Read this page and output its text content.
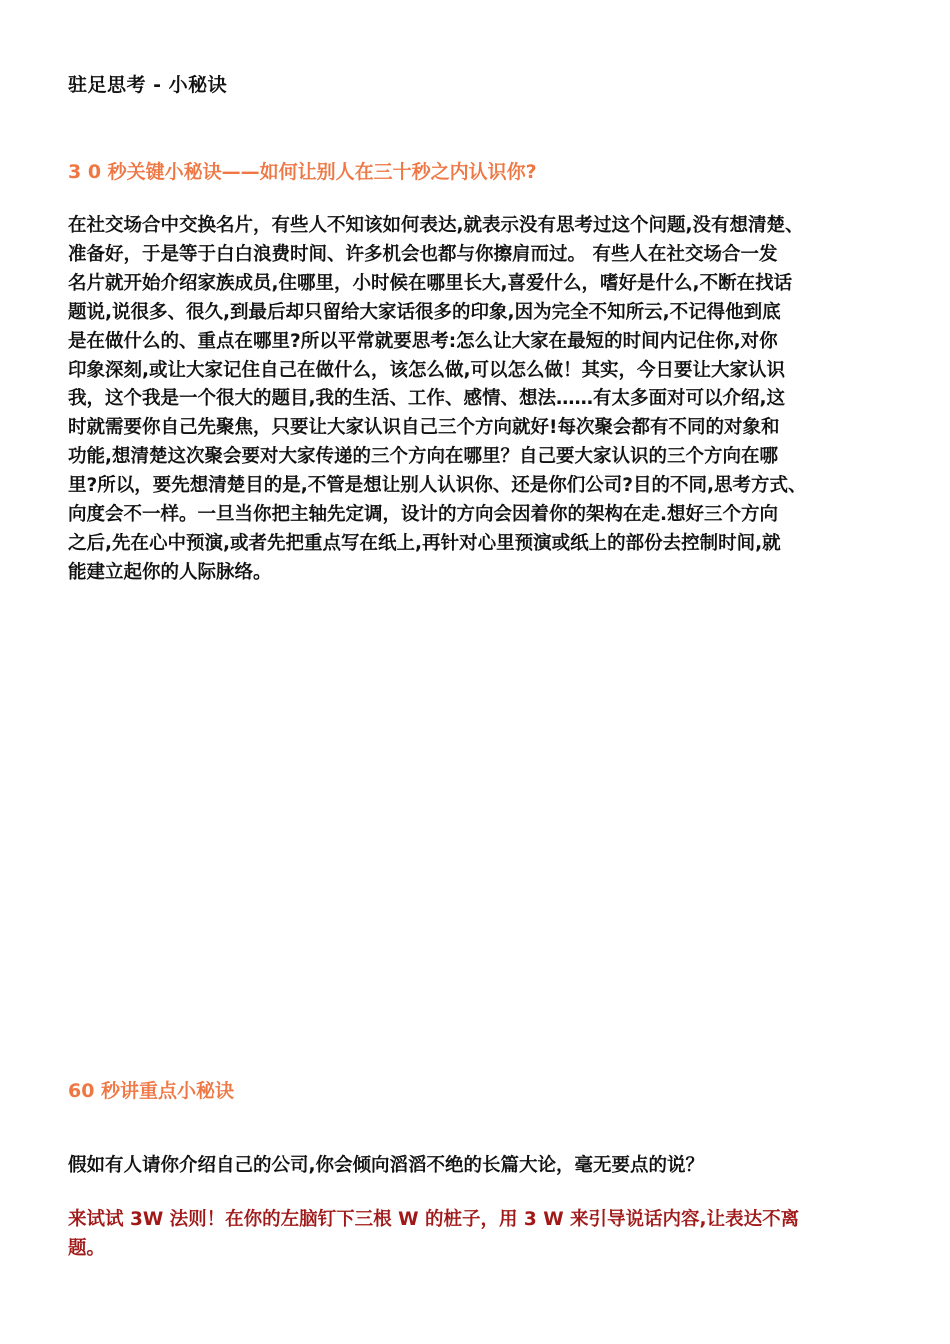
驻足思考 - 小秘诀
3 0 秒关键小秘诀——如何让别人在三十秒之内认识你?
在社交场合中交换名片，有些人不知该如何表达,就表示没有思考过这个问题,没有想清楚、
准备好，于是等于白白浪费时间、许多机会也都与你擦肩而过。 有些人在社交场合一发
名片就开始介绍家族成员,住哪里，小时候在哪里长大,喜爱什么，嗜好是什么,不断在找话
题说,说很多、很久,到最后却只留给大家话很多的印象,因为完全不知所云,不记得他到底
是在做什么的、重点在哪里?所以平常就要思考:怎么让大家在最短的时间内记住你,对你
印象深刻,或让大家记住自己在做什么，该怎么做,可以怎么做！其实，今日要让大家认识
我，这个我是一个很大的题目,我的生活、工作、感情、想法……有太多面对可以介绍,这
时就需要你自己先聚焦，只要让大家认识自己三个方向就好!每次聚会都有不同的对象和
功能,想清楚这次聚会要对大家传递的三个方向在哪里？自己要大家认识的三个方向在哪
里?所以，要先想清楚目的是,不管是想让别人认识你、还是你们公司?目的不同,思考方式、
向度会不一样。一旦当你把主轴先定调，设计的方向会因着你的架构在走.想好三个方向
之后,先在心中预演,或者先把重点写在纸上,再针对心里预演或纸上的部份去控制时间,就
能建立起你的人际脉络。
60 秒讲重点小秘诀
假如有人请你介绍自己的公司,你会倾向滔滔不绝的长篇大论，毫无要点的说？
来试试 3W 法则！在你的左脑钉下三根 W 的桩子，用 3 W 来引导说话内容,让表达不离
题。
